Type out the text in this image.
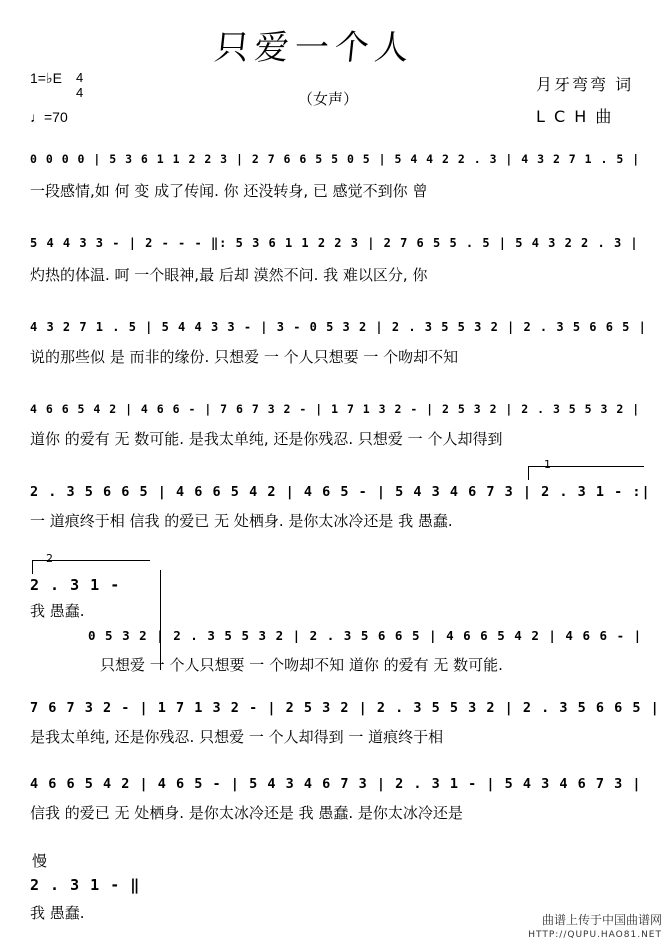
只爱一个人
（女声）
1=♭E 4
4
♩=70
月牙弯弯 词
L C H 曲
0 0 0 0 | 5 3 6 1 1 2 2 3 | 2 7 6 6 5 5 0 5 | 5 4 4 2 2 . 3 | 4 3 2 7 1 . 5 |
一段感情,如 何 变 成了传闻. 你 还没转身, 已 感觉不到你 曾
5 4 4 3 3 - | 2 - - - ‖: 5 3 6 1 1 2 2 3 | 2 7 6 5 5 . 5 | 5 4 3 2 2 . 3 |
灼热的体温. 呵 一个眼神,最 后却 漠然不问. 我 难以区分, 你
4 3 2 7 1 . 5 | 5 4 4 3 3 - | 3 - 0 5 3 2 | 2 . 3 5 5 3 2 | 2 . 3 5 6 6 5 |
说的那些似 是 而非的缘份. 只想爱 一 个人只想要 一 个吻却不知
4 6 6 5 4 2 | 4 6 6 - | 7 6 7 3 2 - | 1 7 1 3 2 - | 2 5 3 2 | 2 . 3 5 5 3 2 |
道你 的爱有 无 数可能. 是我太单纯, 还是你残忍. 只想爱 一 个人却得到
1
2 . 3 5 6 6 5 | 4 6 6 5 4 2 | 4 6 5 - | 5 4 3 4 6 7 3 | 2 . 3 1 - :|
一 道痕终于相 信我 的爱已 无 处栖身. 是你太冰冷还是 我 愚蠢.
2
2 . 3 1 -
我 愚蠢.
0 5 3 2 | 2 . 3 5 5 3 2 | 2 . 3 5 6 6 5 | 4 6 6 5 4 2 | 4 6 6 - |
只想爱 一 个人只想要 一 个吻却不知 道你 的爱有 无 数可能.
7 6 7 3 2 - | 1 7 1 3 2 - | 2 5 3 2 | 2 . 3 5 5 3 2 | 2 . 3 5 6 6 5 |
是我太单纯, 还是你残忍. 只想爱 一 个人却得到 一 道痕终于相
4 6 6 5 4 2 | 4 6 5 - | 5 4 3 4 6 7 3 | 2 . 3 1 - | 5 4 3 4 6 7 3 |
信我 的爱已 无 处栖身. 是你太冰冷还是 我 愚蠢. 是你太冰冷还是
慢
2 . 3 1 - ‖
我 愚蠢.	曲谱上传于中国曲谱网
HTTP://QUPU.HAO81.NET
